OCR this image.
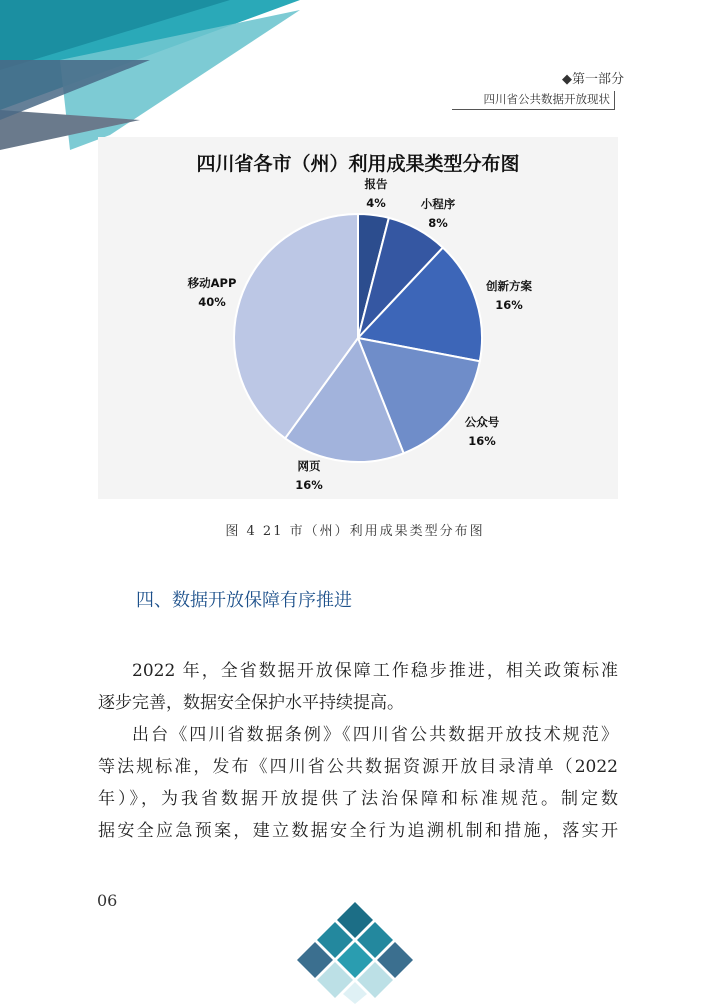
◆第一部分
四川省公共数据开放现状
四川省各市（州）利用成果类型分布图
报告
4%	小程序
8%
创新方案
16%
公众号
16%
网页
16%
移动APP
40%
图 4 21 市（州）利用成果类型分布图
四、数据开放保障有序推进

2022 年，全省数据开放保障工作稳步推进，相关政策标准

逐步完善，数据安全保护水平持续提高。

出台《四川省数据条例》《四川省公共数据开放技术规范》

等法规标准，发布《四川省公共数据资源开放目录清单（2022

年）》，为我省数据开放提供了法治保障和标准规范。制定数

据安全应急预案，建立数据安全行为追溯机制和措施，落实开

06
